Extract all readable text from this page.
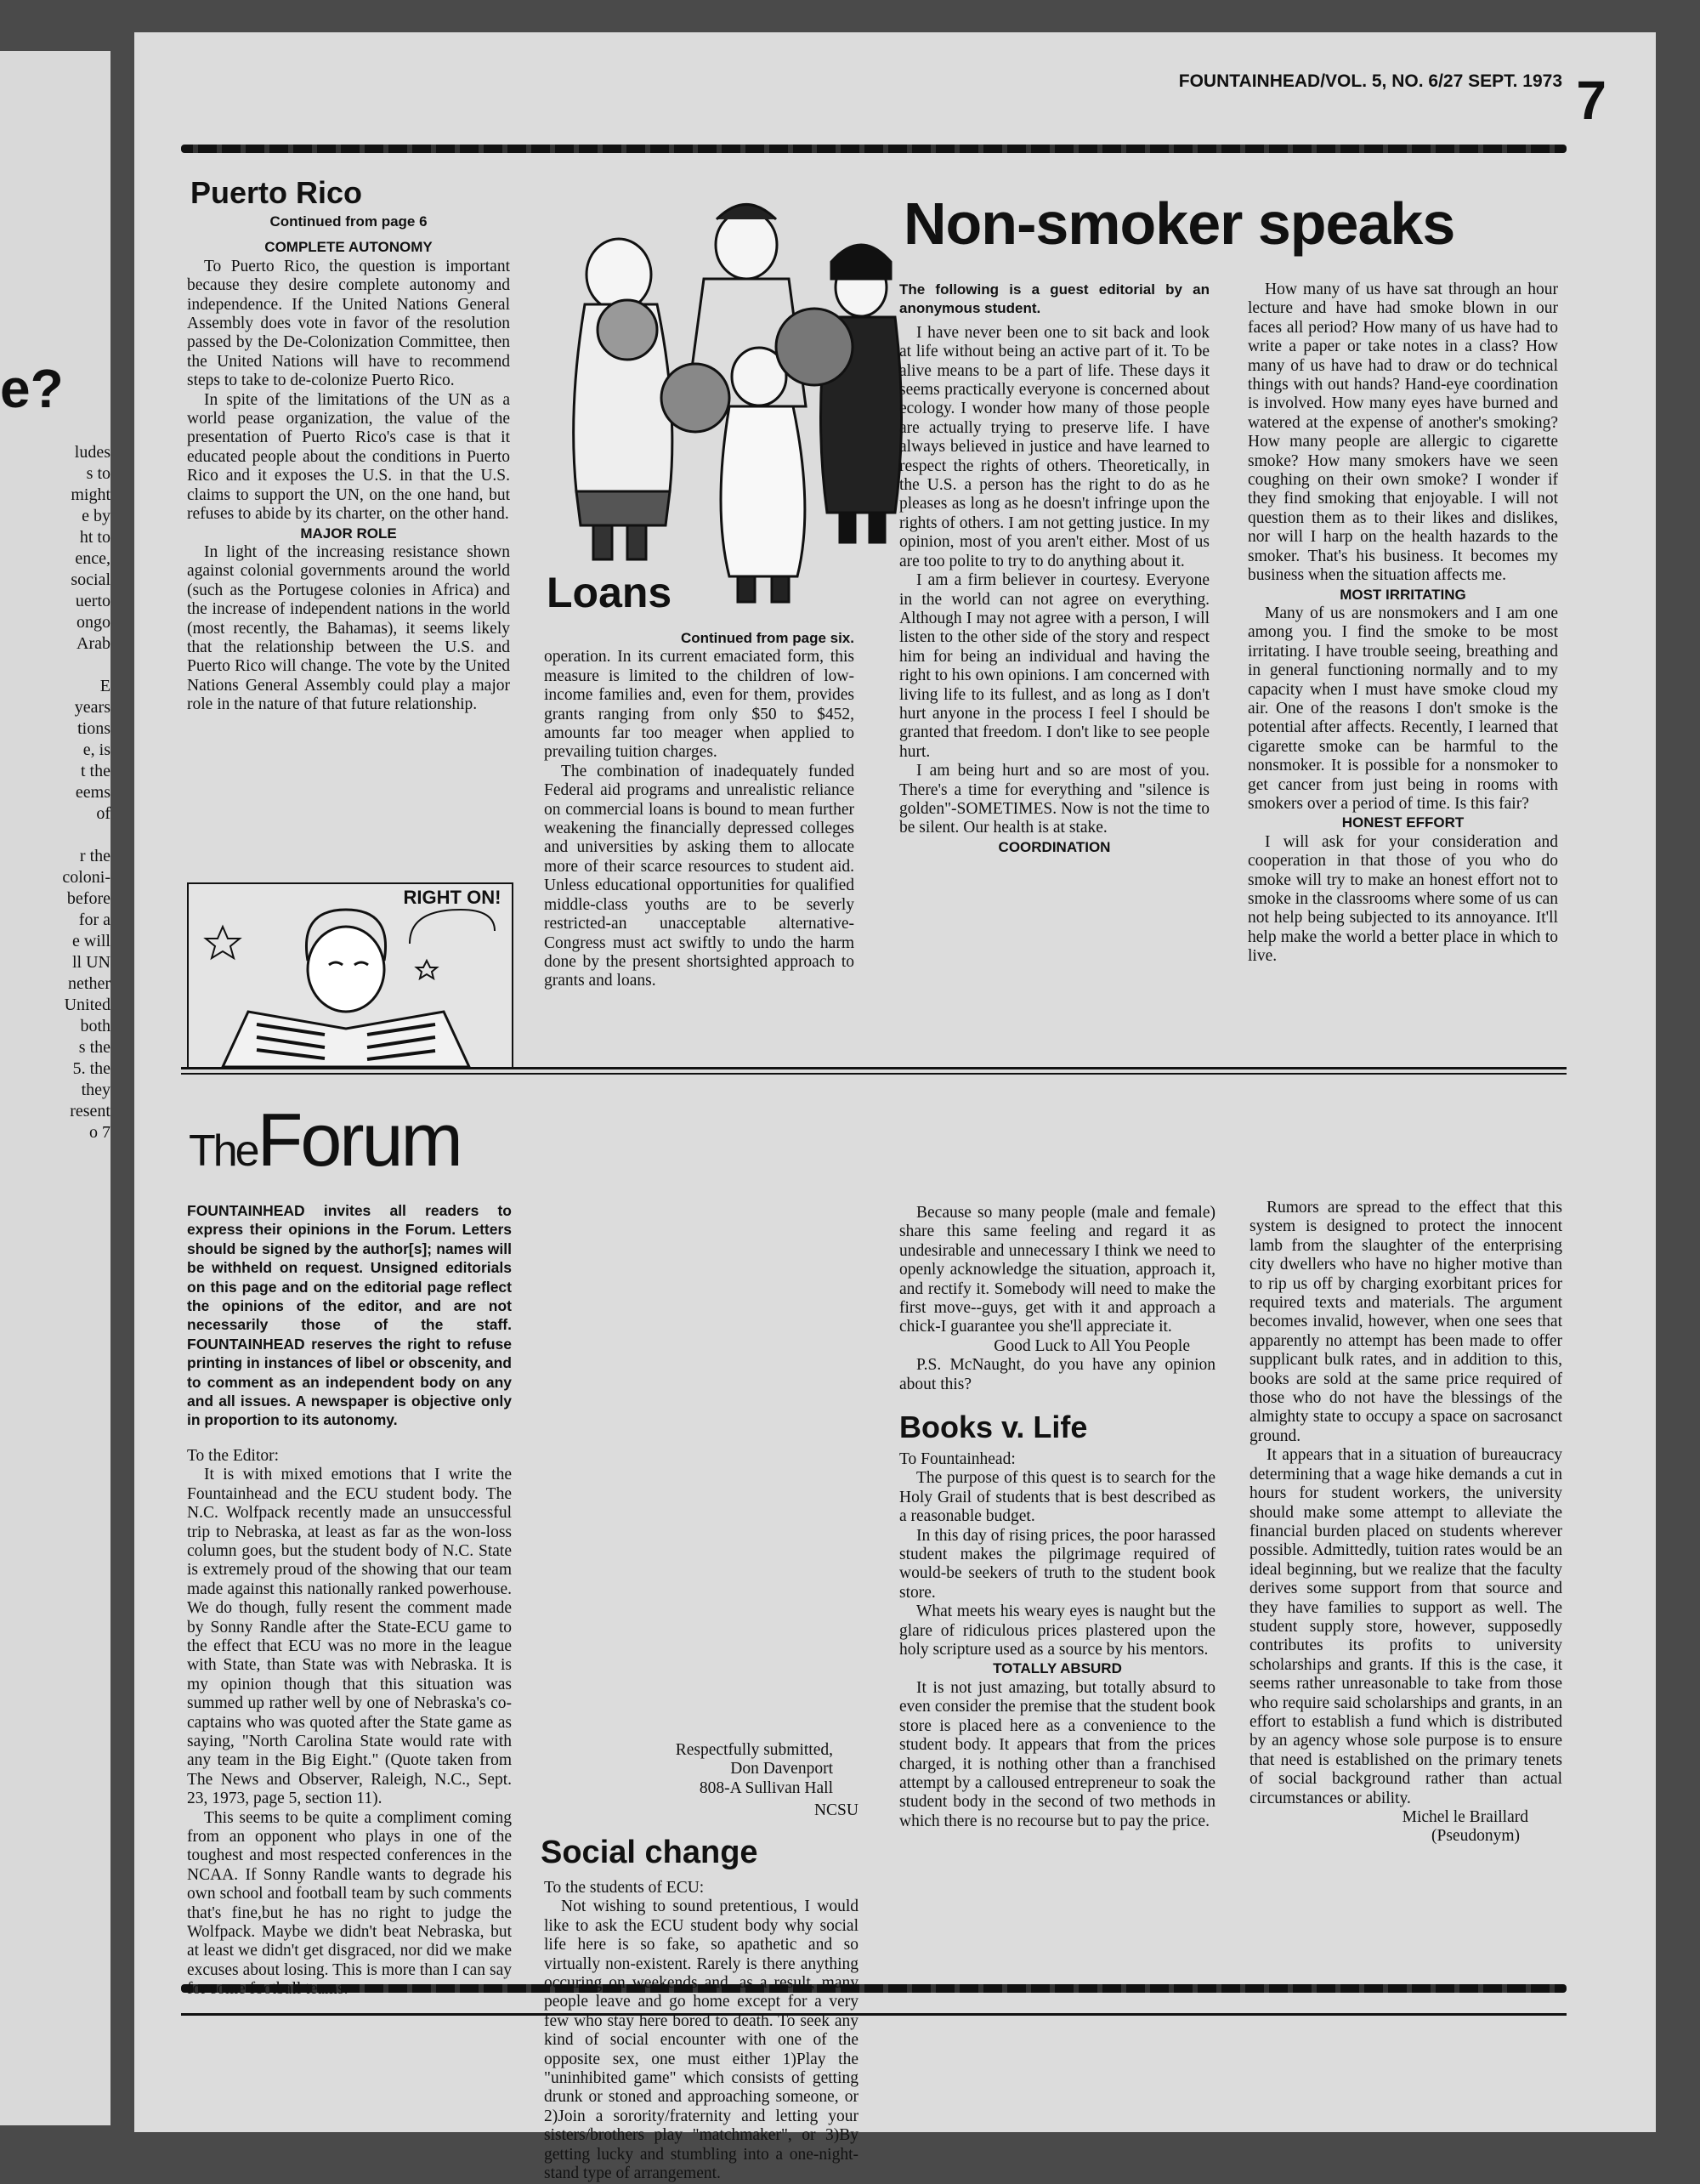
ludes
s to
might
e by
ht to
ence,
social
uerto
ongo
Arab
E
years
tions
e, is
t the
eems
of
r the
coloni-
before
for a
e will
ll UN
nether
United
both
s the
5. the
they
resent
o 7
e?
FOUNTAINHEAD/VOL. 5, NO. 6/27 SEPT. 1973 7
Puerto Rico

Continued from page 6

COMPLETE AUTONOMY

To Puerto Rico, the question is important because they desire complete autonomy and independence. If the United Nations General Assembly does vote in favor of the resolution passed by the De-Colonization Committee, then the United Nations will have to recommend steps to take to de-colonize Puerto Rico.

In spite of the limitations of the UN as a world pease organization, the value of the presentation of Puerto Rico's case is that it educated people about the conditions in Puerto Rico and it exposes the U.S. in that the U.S. claims to support the UN, on the one hand, but refuses to abide by its charter, on the other hand.

MAJOR ROLE

In light of the increasing resistance shown against colonial governments around the world (such as the Portugese colonies in Africa) and the increase of independent nations in the world (most recently, the Bahamas), it seems likely that the relationship between the U.S. and Puerto Rico will change. The vote by the United Nations General Assembly could play a major role in the nature of that future relationship.

RIGHT ON!
Loans

Continued from page six.

operation. In its current emaciated form, this measure is limited to the children of low-income families and, even for them, provides grants ranging from only $50 to $452, amounts far too meager when applied to prevailing tuition charges.

The combination of inadequately funded Federal aid programs and unrealistic reliance on commercial loans is bound to mean further weakening the financially depressed colleges and universities by asking them to allocate more of their scarce resources to student aid. Unless educational opportunities for qualified middle-class youths are to be severly restricted-an unacceptable alternative-Congress must act swiftly to undo the harm done by the present shortsighted approach to grants and loans.

Non-smoker speaks

The following is a guest editorial by an anonymous student.

I have never been one to sit back and look at life without being an active part of it. To be alive means to be a part of life. These days it seems practically everyone is concerned about ecology. I wonder how many of those people are actually trying to preserve life. I have always believed in justice and have learned to respect the rights of others. Theoretically, in the U.S. a person has the right to do as he pleases as long as he doesn't infringe upon the rights of others. I am not getting justice. In my opinion, most of you aren't either. Most of us are too polite to try to do anything about it.

I am a firm believer in courtesy. Everyone in the world can not agree on everything. Although I may not agree with a person, I will listen to the other side of the story and respect him for being an individual and having the right to his own opinions. I am concerned with living life to its fullest, and as long as I don't hurt anyone in the process I feel I should be granted that freedom. I don't like to see people hurt.

I am being hurt and so are most of you. There's a time for everything and "silence is golden"-SOMETIMES. Now is not the time to be silent. Our health is at stake.

COORDINATION

How many of us have sat through an hour lecture and have had smoke blown in our faces all period? How many of us have had to write a paper or take notes in a class? How many of us have had to draw or do technical things with out hands? Hand-eye coordination is involved. How many eyes have burned and watered at the expense of another's smoking? How many people are allergic to cigarette smoke? How many smokers have we seen coughing on their own smoke? I wonder if they find smoking that enjoyable. I will not question them as to their likes and dislikes, nor will I harp on the health hazards to the smoker. That's his business. It becomes my business when the situation affects me.

MOST IRRITATING

Many of us are nonsmokers and I am one among you. I find the smoke to be most irritating. I have trouble seeing, breathing and in general functioning normally and to my capacity when I must have smoke cloud my air. One of the reasons I don't smoke is the potential after affects. Recently, I learned that cigarette smoke can be harmful to the nonsmoker. It is possible for a nonsmoker to get cancer from just being in rooms with smokers over a period of time. Is this fair?

HONEST EFFORT

I will ask for your consideration and cooperation in that those of you who do smoke will try to make an honest effort not to smoke in the classrooms where some of us can not help being subjected to its annoyance. It'll help make the world a better place in which to live.

TheForum

FOUNTAINHEAD invites all readers to express their opinions in the Forum. Letters should be signed by the author[s]; names will be withheld on request. Unsigned editorials on this page and on the editorial page reflect the opinions of the editor, and are not necessarily those of the staff. FOUNTAINHEAD reserves the right to refuse printing in instances of libel or obscenity, and to comment as an independent body on any and all issues. A newspaper is objective only in proportion to its autonomy.

To the Editor:

It is with mixed emotions that I write the Fountainhead and the ECU student body. The N.C. Wolfpack recently made an unsuccessful trip to Nebraska, at least as far as the won-loss column goes, but the student body of N.C. State is extremely proud of the showing that our team made against this nationally ranked powerhouse. We do though, fully resent the comment made by Sonny Randle after the State-ECU game to the effect that ECU was no more in the league with State, than State was with Nebraska. It is my opinion though that this situation was summed up rather well by one of Nebraska's co-captains who was quoted after the State game as saying, "North Carolina State would rate with any team in the Big Eight." (Quote taken from The News and Observer, Raleigh, N.C., Sept. 23, 1973, page 5, section 11).

This seems to be quite a compliment coming from an opponent who plays in one of the toughest and most respected conferences in the NCAA. If Sonny Randle wants to degrade his own school and football team by such comments that's fine,but he has no right to judge the Wolfpack. Maybe we didn't beat Nebraska, but at least we didn't get disgraced, nor did we make excuses about losing. This is more than I can say for some football teams.

Respectfully submitted,

Don Davenport

808-A Sullivan Hall

NCSU

Social change

To the students of ECU:

Not wishing to sound pretentious, I would like to ask the ECU student body why social life here is so fake, so apathetic and so virtually non-existent. Rarely is there anything occuring on weekends and, as a result, many people leave and go home except for a very few who stay here bored to death. To seek any kind of social encounter with one of the opposite sex, one must either 1)Play the "uninhibited game" which consists of getting drunk or stoned and approaching someone, or 2)Join a sorority/fraternity and letting your sisters/brothers play "matchmaker", or 3)By getting lucky and stumbling into a one-night-stand type of arrangement.

Because so many people (male and female) share this same feeling and regard it as undesirable and unnecessary I think we need to openly acknowledge the situation, approach it, and rectify it. Somebody will need to make the first move--guys, get with it and approach a chick-I guarantee you she'll appreciate it.

Good Luck to All You People

P.S. McNaught, do you have any opinion about this?

Books v. Life

To Fountainhead:

The purpose of this quest is to search for the Holy Grail of students that is best described as a reasonable budget.

In this day of rising prices, the poor harassed student makes the pilgrimage required of would-be seekers of truth to the student book store.

What meets his weary eyes is naught but the glare of ridiculous prices plastered upon the holy scripture used as a source by his mentors.

TOTALLY ABSURD

It is not just amazing, but totally absurd to even consider the premise that the student book store is placed here as a convenience to the student body. It appears that from the prices charged, it is nothing other than a franchised attempt by a calloused entrepreneur to soak the student body in the second of two methods in which there is no recourse but to pay the price.

Rumors are spread to the effect that this system is designed to protect the innocent lamb from the slaughter of the enterprising city dwellers who have no higher motive than to rip us off by charging exorbitant prices for required texts and materials. The argument becomes invalid, however, when one sees that apparently no attempt has been made to offer supplicant bulk rates, and in addition to this, books are sold at the same price required of those who do not have the blessings of the almighty state to occupy a space on sacrosanct ground.

It appears that in a situation of bureaucracy determining that a wage hike demands a cut in hours for student workers, the university should make some attempt to alleviate the financial burden placed on students wherever possible. Admittedly, tuition rates would be an ideal beginning, but we realize that the faculty derives some support from that source and they have families to support as well. The student supply store, however, supposedly contributes its profits to university scholarships and grants. If this is the case, it seems rather unreasonable to take from those who require said scholarships and grants, in an effort to establish a fund which is distributed by an agency whose sole purpose is to ensure that need is established on the primary tenets of social background rather than actual circumstances or ability.

Michel le Braillard

(Pseudonym)
